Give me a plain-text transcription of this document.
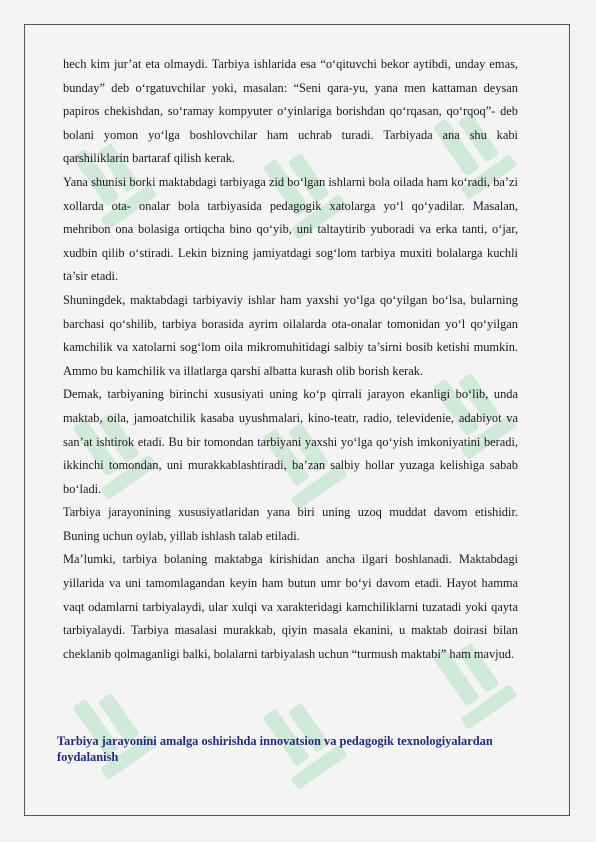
hech kim jur’at eta olmaydi. Tarbiya ishlarida esa “o‘qituvchi bekor aytibdi, unday emas, bunday” deb o‘rgatuvchilar yoki, masalan: “Seni qara-yu, yana men kattaman deysan papiros chekishdan, so‘ramay kompyuter o‘yinlariga borishdan qo‘rqasan, qo‘rqoq”- deb bolani yomon yo‘lga boshlovchilar ham uchrab turadi. Tarbiyada ana shu kabi qarshiliklarin bartaraf qilish kerak.

Yana shunisi borki maktabdagi tarbiyaga zid bo‘lgan ishlarni bola oilada ham ko‘radi, ba’zi xollarda ota- onalar bola tarbiyasida pedagogik xatolarga yo‘l qo‘yadilar. Masalan, mehribon ona bolasiga ortiqcha bino qo‘yib, uni taltaytirib yuboradi va erka tanti, o‘jar, xudbin qilib o‘stiradi. Lekin bizning jamiyatdagi sog‘lom tarbiya muxiti bolalarga kuchli ta’sir etadi.

Shuningdek, maktabdagi tarbiyaviy ishlar ham yaxshi yo‘lga qo‘yilgan bo‘lsa, bularning barchasi qo‘shilib, tarbiya borasida ayrim oilalarda ota-onalar tomonidan yo‘l qo‘yilgan kamchilik va xatolarni sog‘lom oila mikromuhitidagi salbiy ta’sirni bosib ketishi mumkin. Ammo bu kamchilik va illatlarga qarshi albatta kurash olib borish kerak.

Demak, tarbiyaning birinchi xususiyati uning ko‘p qirrali jarayon ekanligi bo‘lib, unda maktab, oila, jamoatchilik kasaba uyushmalari, kino-teatr, radio, televidenie, adabiyot va san’at ishtirok etadi. Bu bir tomondan tarbiyani yaxshi yo‘lga qo‘yish imkoniyatini beradi, ikkinchi tomondan, uni murakkablashtiradi, ba’zan salbiy hollar yuzaga kelishiga sabab bo‘ladi.

Tarbiya jarayonining xususiyatlaridan yana biri uning uzoq muddat davom etishidir. Buning uchun oylab, yillab ishlash talab etiladi.

Ma’lumki, tarbiya bolaning maktabga kirishidan ancha ilgari boshlanadi. Maktabdagi yillarida va uni tamomlagandan keyin ham butun umr bo‘yi davom etadi. Hayot hamma vaqt odamlarni tarbiyalaydi, ular xulqi va xarakteridagi kamchiliklarni tuzatadi yoki qayta tarbiyalaydi. Tarbiya masalasi murakkab, qiyin masala ekanini, u maktab doirasi bilan cheklanib qolmaganligi balki, bolalarni tarbiyalash uchun “turmush maktabi” ham mavjud.

Tarbiya jarayonini amalga oshirishda innovatsion va pedagogik texnologiyalardan foydalanish
